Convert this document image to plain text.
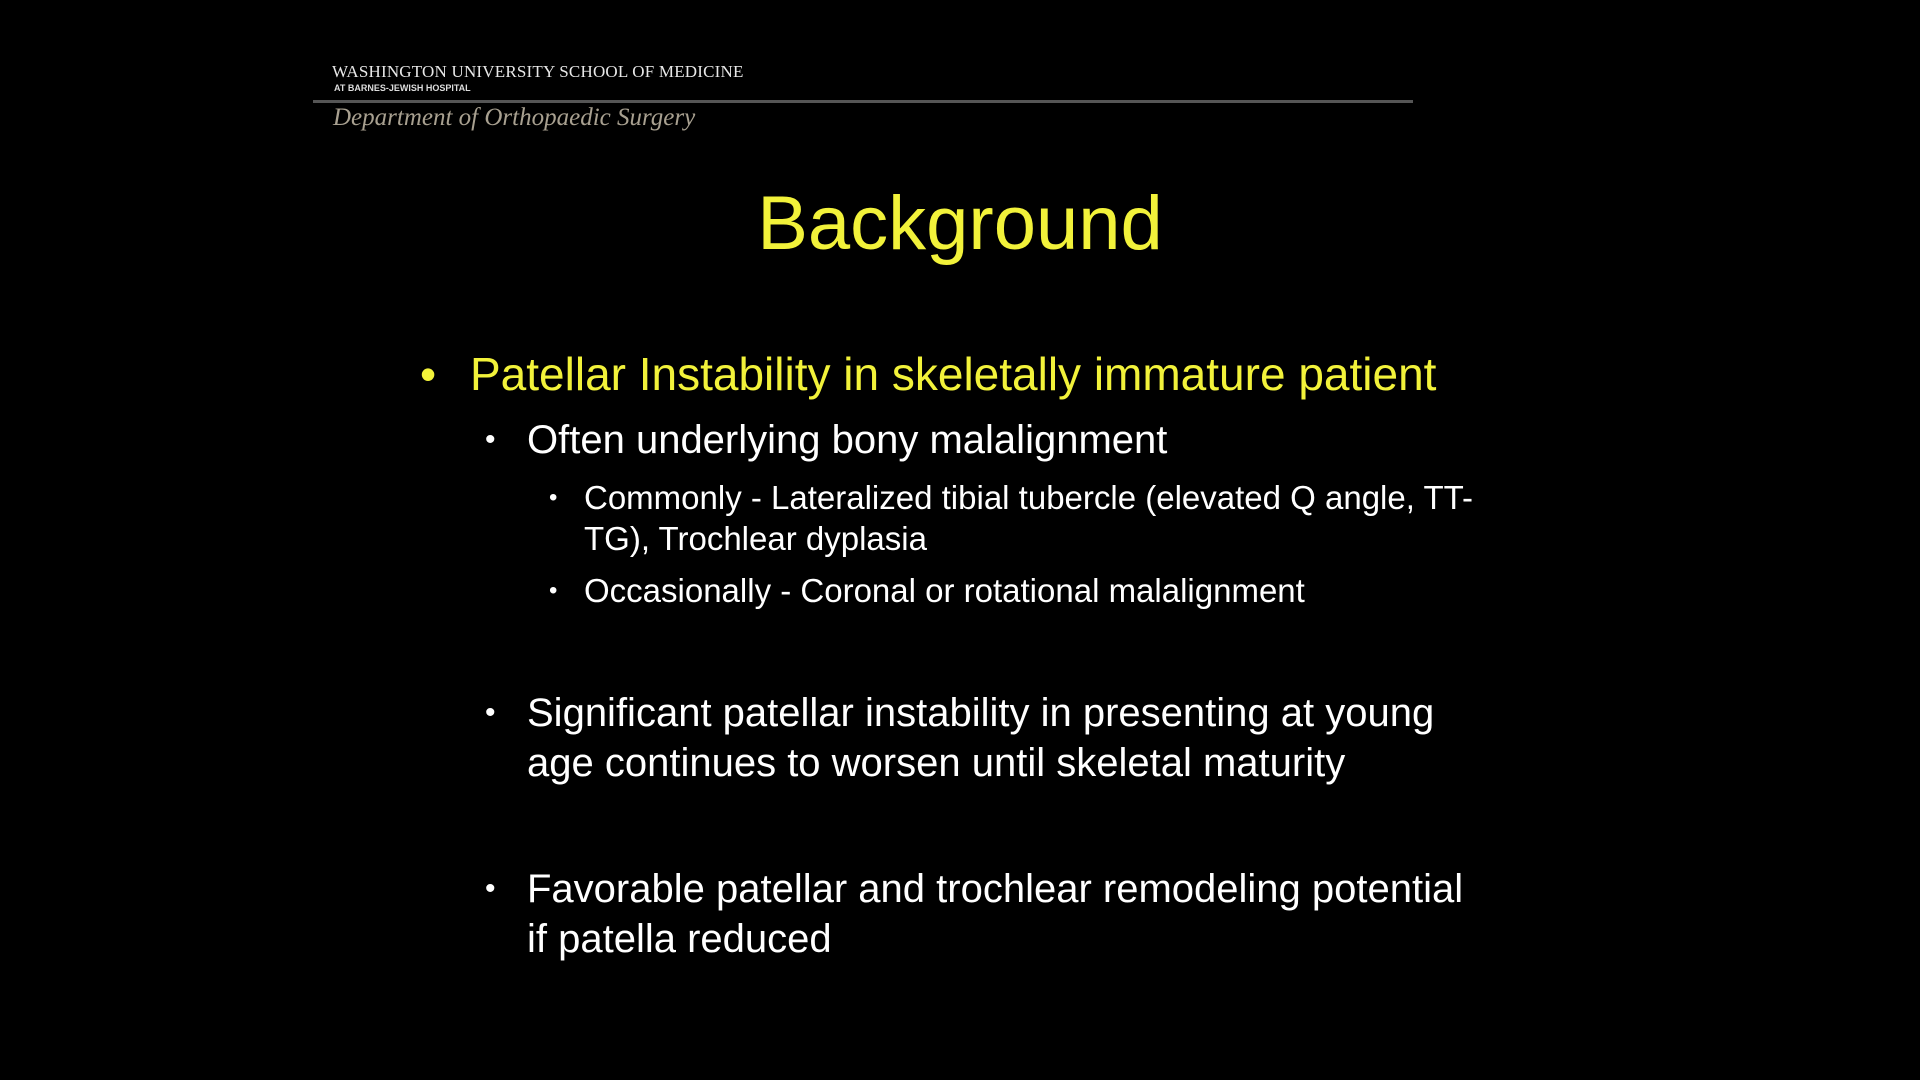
WASHINGTON UNIVERSITY SCHOOL OF MEDICINE
AT BARNES-JEWISH HOSPITAL
Department of Orthopaedic Surgery
Background
• Patellar Instability in skeletally immature patient
• Often underlying bony malalignment
• Commonly - Lateralized tibial tubercle (elevated Q angle, TT-
TG), Trochlear dyplasia
• Occasionally - Coronal or rotational malalignment
• Significant patellar instability in presenting at young
age continues to worsen until skeletal maturity
• Favorable patellar and trochlear remodeling potential
if patella reduced
